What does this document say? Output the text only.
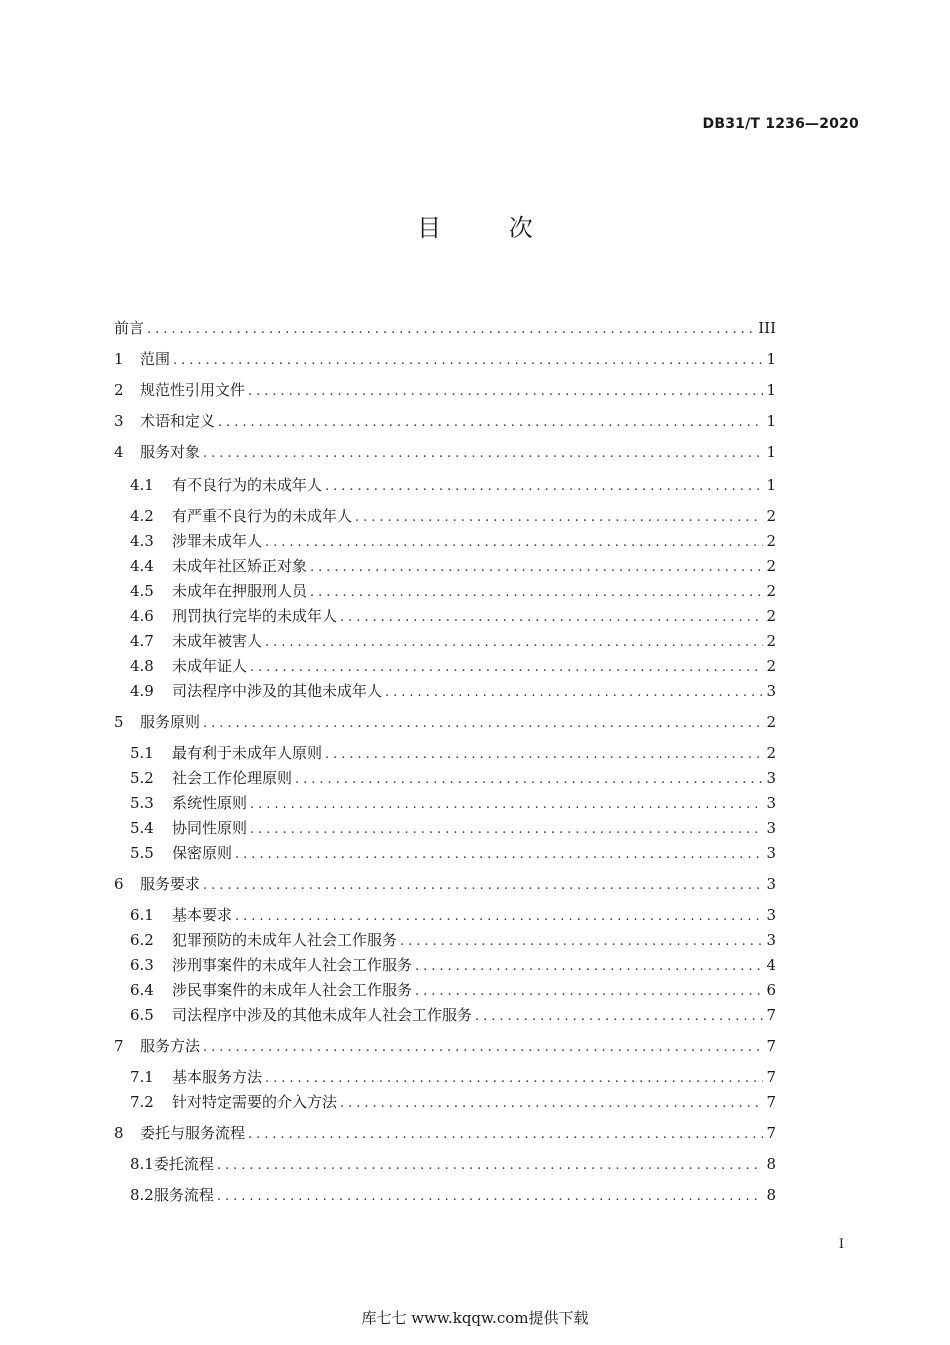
DB31/T 1236—2020
目 次
前言 .....	III
1	范围 .....	1
2	规范性引用文件 .....	1
3	术语和定义 .....	1
4	服务对象 .....	1
4.1	有不良行为的未成年人 .....	1
4.2	有严重不良行为的未成年人 .....	2
4.3	涉罪未成年人 .....	2
4.4	未成年社区矫正对象 .....	2
4.5	未成年在押服刑人员 .....	2
4.6	刑罚执行完毕的未成年人 .....	2
4.7	未成年被害人 .....	2
4.8	未成年证人 .....	2
4.9	司法程序中涉及的其他未成年人 .....	3
5	服务原则 .....	2
5.1	最有利于未成年人原则 .....	2
5.2	社会工作伦理原则 .....	3
5.3	系统性原则 .....	3
5.4	协同性原则 .....	3
5.5	保密原则 .....	3
6	服务要求 .....	3
6.1	基本要求 .....	3
6.2	犯罪预防的未成年人社会工作服务 .....	3
6.3	涉刑事案件的未成年人社会工作服务 .....	4
6.4	涉民事案件的未成年人社会工作服务 .....	6
6.5	司法程序中涉及的其他未成年人社会工作服务 .....	7
7	服务方法 .....	7
7.1	基本服务方法 .....	7
7.2	针对特定需要的介入方法 .....	7
8	委托与服务流程 .....	7
8.1 委托流程 .....	8
8.2 服务流程 .....	8
I
库七七 www.kqqw.com提供下载
